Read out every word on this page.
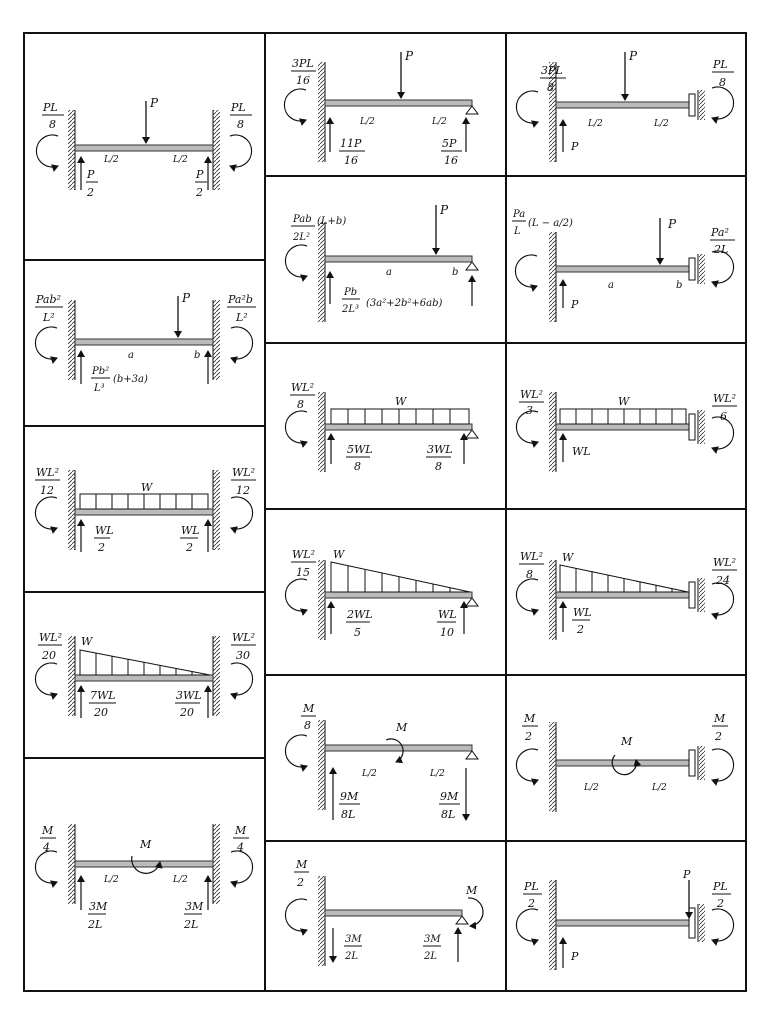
P
PL
8
PL
8
L/2	L/2
P
2
P
2
P
Pab²
L²
Pa²b
L²
a	b
Pb²
L³
(b+3a)
W
WL²
12
WL²
12
WL
2
WL
2
W
WL²
20
WL²
30
7WL
20
3WL
20
M
M
4
M
4
L/2	L/2
3M
2L
3M
2L
P
3PL
16
L/2	L/2
11P
16
5P
16
P
Pab
2L²
(L+b)
a	b
Pb
2L³
(3a²+2b²+6ab)
W
WL²
8
5WL
8
3WL
8
W
WL²
15
2WL
5
WL
10
M
M
8
L/2	L/2
9M
8L
9M
8L
M
M
2
3M
2L
3M
2L
P
3PL
8
PL
8
L/2	L/2
P
P
Pa
L
(L − a/2)
Pa²
2L
a	b
P
W
WL²
3
WL²
6
WL
W
WL²
8
WL²
24
WL
2
M
M
2
M
2
L/2	L/2
P
PL
2
PL
2
P
